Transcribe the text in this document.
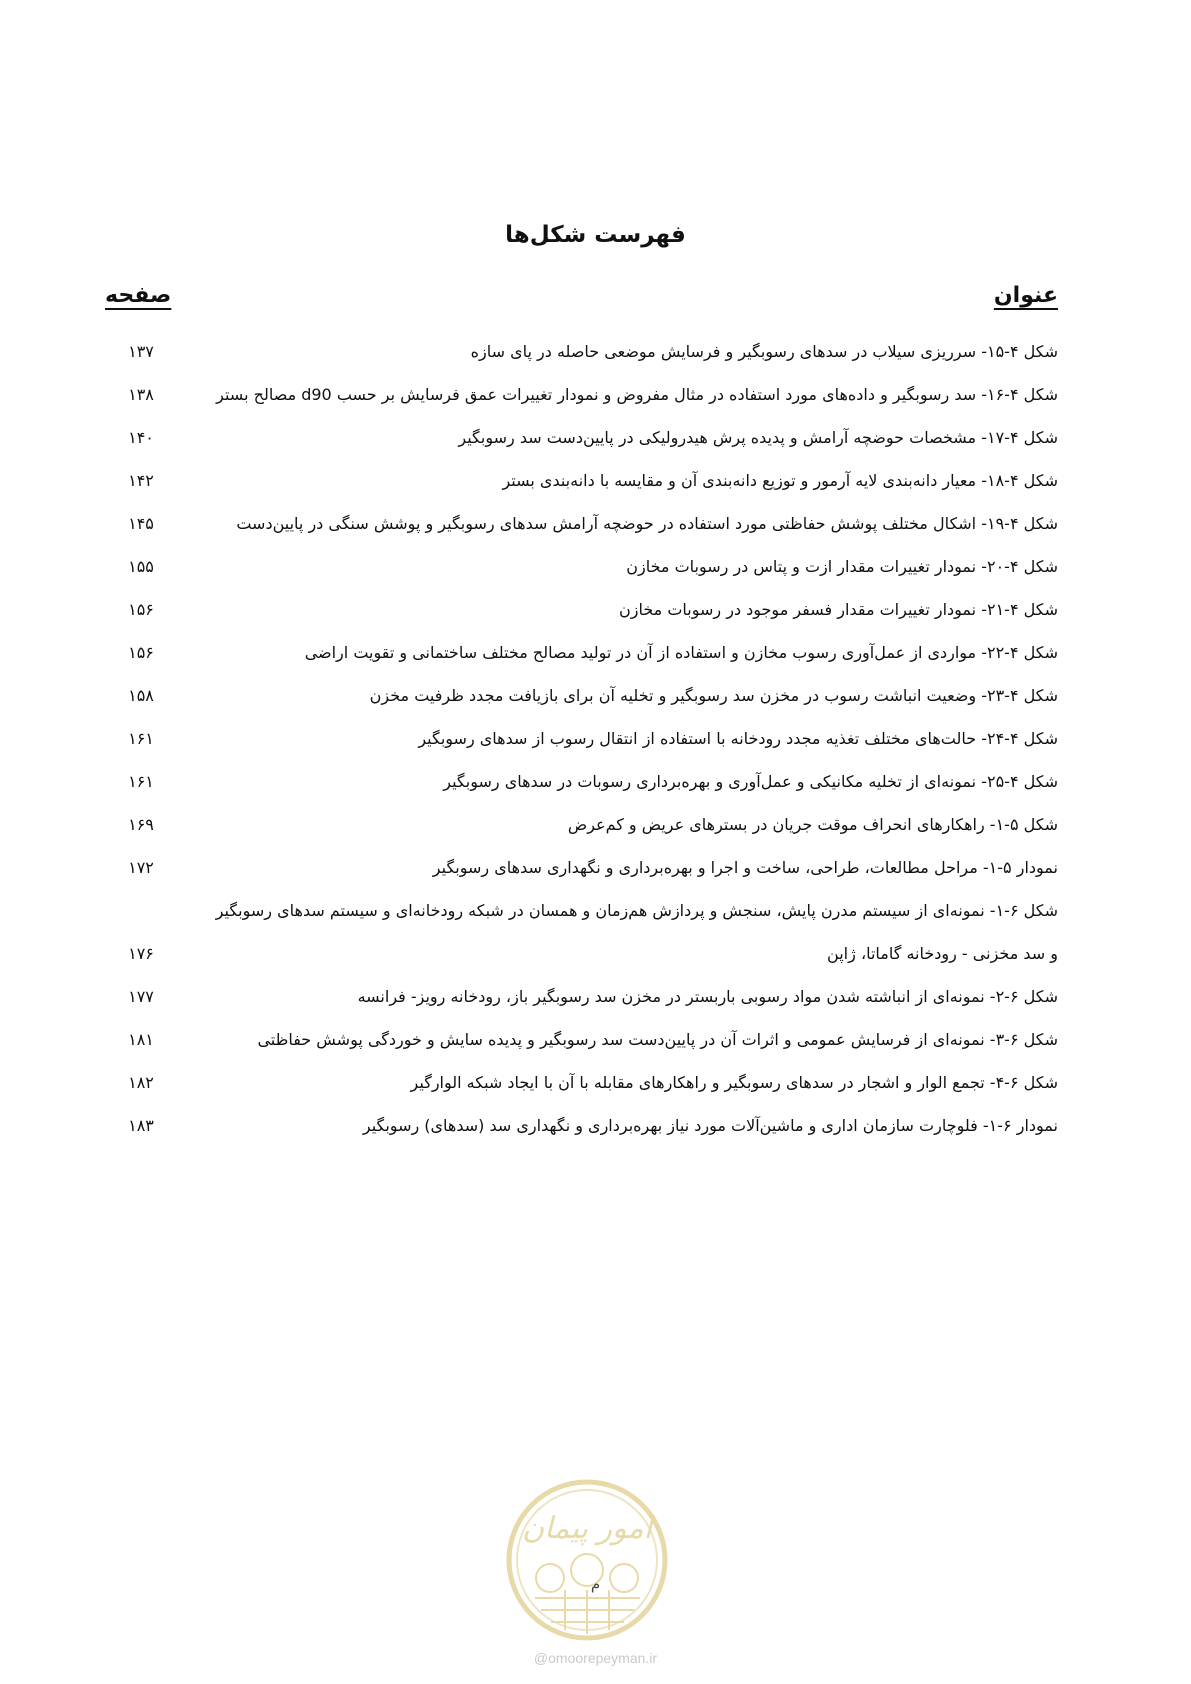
فهرست شکل‌ها
عنوان
صفحه
شکل ۴-۱۵- سرریزی سیلاب در سدهای رسوبگیر و فرسایش موضعی حاصله در پای سازه
۱۳۷
شکل ۴-۱۶- سد رسوبگیر و داده‌های مورد استفاده در مثال مفروض و نمودار تغییرات عمق فرسایش بر حسب d90 مصالح بستر
۱۳۸
شکل ۴-۱۷- مشخصات حوضچه آرامش و پدیده پرش هیدرولیکی در پایین‌دست سد رسوبگیر
۱۴۰
شکل ۴-۱۸- معیار دانه‌بندی لایه آرمور و توزیع دانه‌بندی آن و مقایسه با دانه‌بندی بستر
۱۴۲
شکل ۴-۱۹- اشکال مختلف پوشش حفاظتی مورد استفاده در حوضچه آرامش سدهای رسوبگیر و پوشش سنگی در پایین‌دست
۱۴۵
شکل ۴-۲۰- نمودار تغییرات مقدار ازت و پتاس در رسوبات مخازن
۱۵۵
شکل ۴-۲۱- نمودار تغییرات مقدار فسفر موجود در رسوبات مخازن
۱۵۶
شکل ۴-۲۲- مواردی از عمل‌آوری رسوب مخازن و استفاده از آن در تولید مصالح مختلف ساختمانی و تقویت اراضی
۱۵۶
شکل ۴-۲۳- وضعیت انباشت رسوب در مخزن سد رسوبگیر و تخلیه آن برای بازیافت مجدد ظرفیت مخزن
۱۵۸
شکل ۴-۲۴- حالت‌های مختلف تغذیه مجدد رودخانه با استفاده از انتقال رسوب از سدهای رسوبگیر
۱۶۱
شکل ۴-۲۵- نمونه‌ای از تخلیه مکانیکی و عمل‌آوری و بهره‌برداری رسوبات در سدهای رسوبگیر
۱۶۱
شکل ۵-۱- راهکارهای انحراف موقت جریان در بسترهای عریض و کم‌عرض
۱۶۹
نمودار ۵-۱- مراحل مطالعات، طراحی، ساخت و اجرا و بهره‌برداری و نگهداری سدهای رسوبگیر
۱۷۲
شکل ۶-۱- نمونه‌ای از سیستم مدرن پایش، سنجش و پردازش هم‌زمان و همسان در شبکه رودخانه‌ای و سیستم سدهای رسوبگیر
و سد مخزنی - رودخانه گاماتا، ژاپن
۱۷۶
شکل ۶-۲- نمونه‌ای از انباشته شدن مواد رسوبی باربستر در مخزن سد رسوبگیر باز، رودخانه رویز- فرانسه
۱۷۷
شکل ۶-۳- نمونه‌ای از فرسایش عمومی و اثرات آن در پایین‌دست سد رسوبگیر و پدیده سایش و خوردگی پوشش حفاظتی
۱۸۱
شکل ۶-۴- تجمع الوار و اشجار در سدهای رسوبگیر و راهکارهای مقابله با آن با ایجاد شبکه الوارگیر
۱۸۲
نمودار ۶-۱- فلوچارت سازمان اداری و ماشین‌آلات مورد نیاز بهره‌برداری و نگهداری سد (سدهای) رسوبگیر
۱۸۳
امور پیمان
م
@omoorepeyman.ir
